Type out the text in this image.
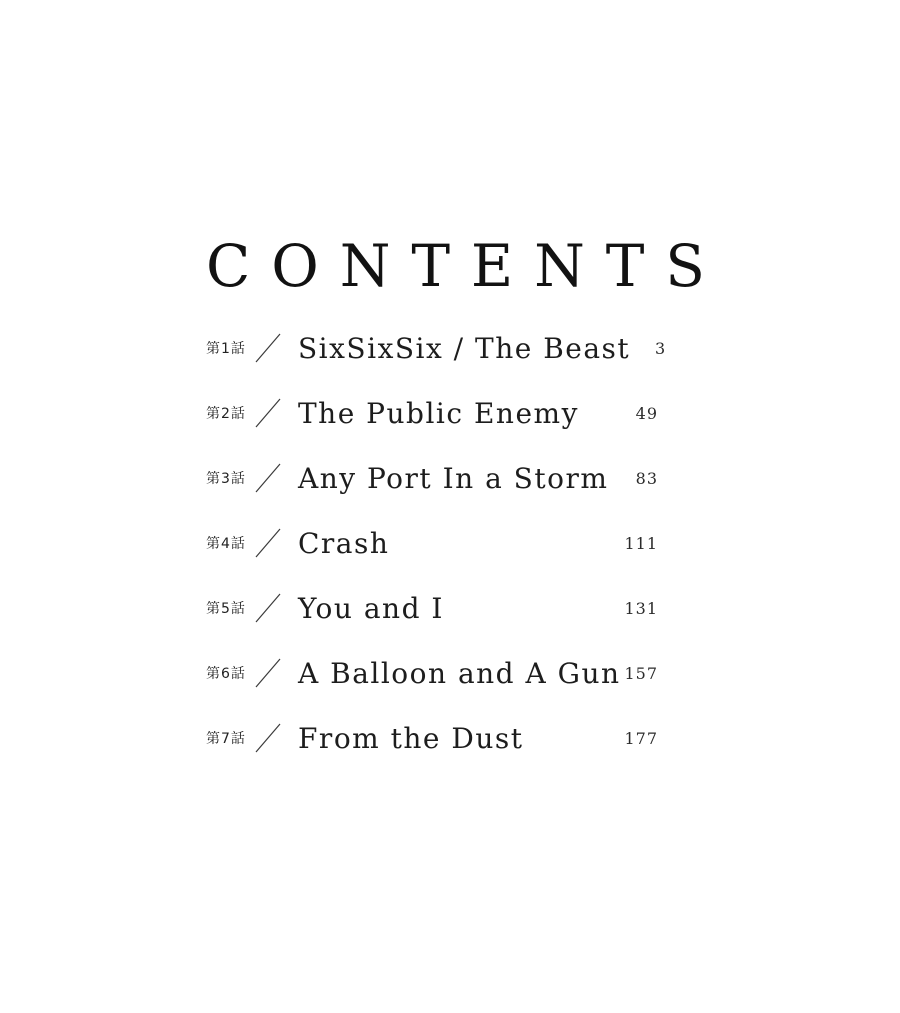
CONTENTS
第1話 SixSixSix / The Beast	3
第2話 The Public Enemy	49
第3話 Any Port In a Storm	83
第4話 Crash	111
第5話 You and I	131
第6話 A Balloon and A Gun 157
第7話 From the Dust	177
